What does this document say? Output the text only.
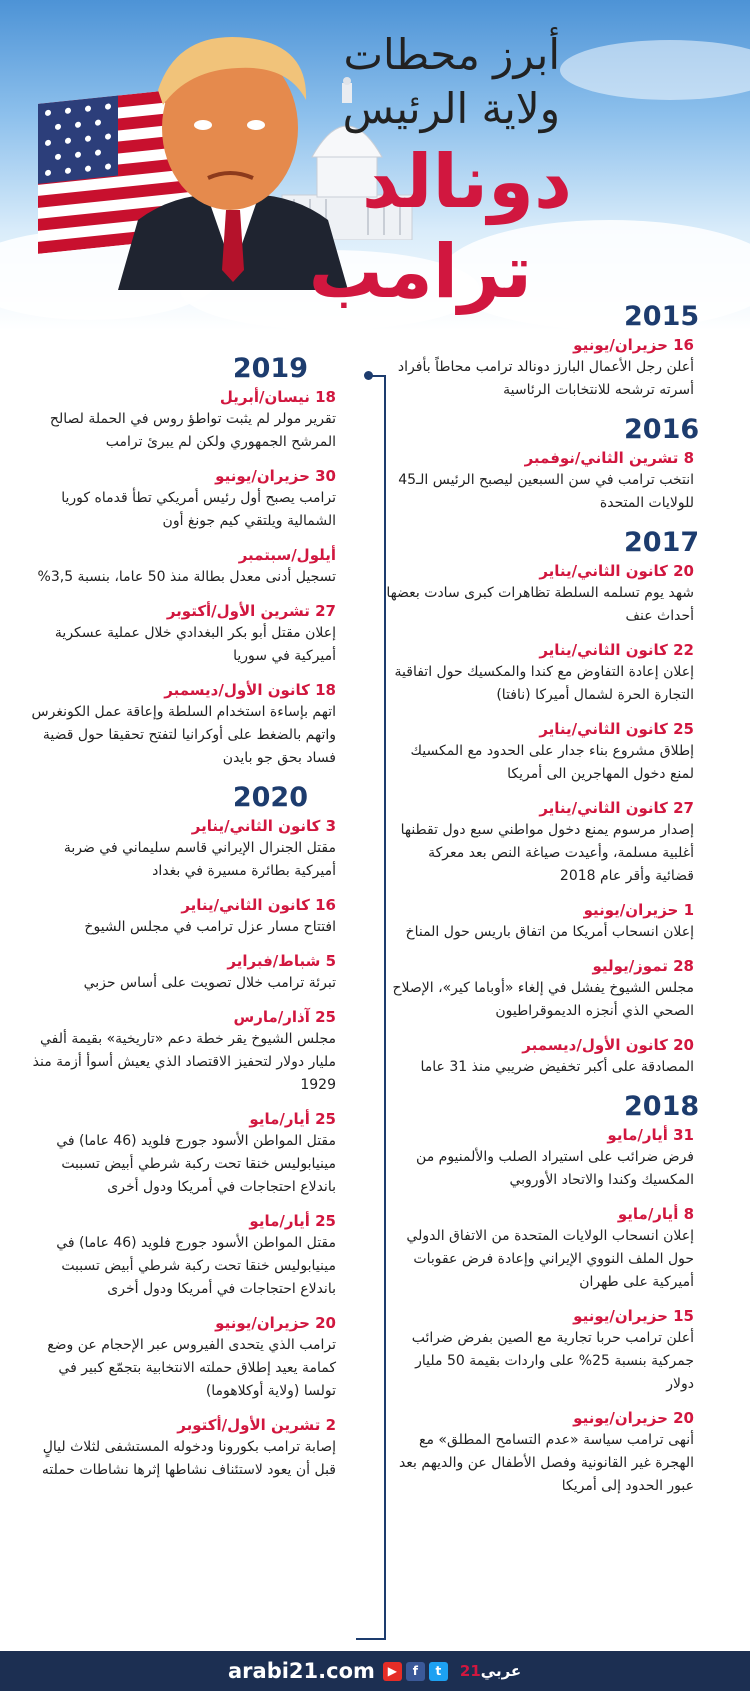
أبرز محطات
ولاية الرئيس
دونالد
ترامب
2015
16 حزيران/يونيو
أعلن رجل الأعمال البارز دونالد ترامب محاطاً بأفراد أسرته ترشحه للانتخابات الرئاسية
2016
8 تشرين الثاني/نوفمبر
انتخب ترامب في سن السبعين ليصبح الرئيس الـ45 للولايات المتحدة
2017
20 كانون الثاني/يناير
شهد يوم تسلمه السلطة تظاهرات كبرى سادت بعضها أحداث عنف
22 كانون الثاني/يناير
إعلان إعادة التفاوض مع كندا والمكسيك حول اتفاقية التجارة الحرة لشمال أميركا (نافتا)
25 كانون الثاني/يناير
إطلاق مشروع بناء جدار على الحدود مع المكسيك لمنع دخول المهاجرين الى أمريكا
27 كانون الثاني/يناير
إصدار مرسوم يمنع دخول مواطني سبع دول تقطنها أغلبية مسلمة، وأعيدت صياغة النص بعد معركة قضائية وأقر عام 2018
1 حزيران/يونيو
إعلان انسحاب أمريكا من اتفاق باريس حول المناخ
28 تموز/يوليو
مجلس الشيوخ يفشل في إلغاء «أوباما كير»، الإصلاح الصحي الذي أنجزه الديموقراطيون
20 كانون الأول/ديسمبر
المصادقة على أكبر تخفيض ضريبي منذ 31 عاما
2018
31 أيار/مايو
فرض ضرائب على استيراد الصلب والألمنيوم من المكسيك وكندا والاتحاد الأوروبي
8 أيار/مايو
إعلان انسحاب الولايات المتحدة من الاتفاق الدولي حول الملف النووي الإيراني وإعادة فرض عقوبات أميركية على طهران
15 حزيران/يونيو
أعلن ترامب حربا تجارية مع الصين بفرض ضرائب جمركية بنسبة 25% على واردات بقيمة 50 مليار دولار
20 حزيران/يونيو
أنهى ترامب سياسة «عدم التسامح المطلق» مع الهجرة غير القانونية وفصل الأطفال عن والديهم بعد عبور الحدود إلى أمريكا
2019
18 نيسان/أبريل
تقرير مولر لم يثبت تواطؤ روس في الحملة لصالح المرشح الجمهوري ولكن لم يبرئ ترامب
30 حزيران/يونيو
ترامب يصبح أول رئيس أمريكي تطأ قدماه كوريا الشمالية ويلتقي كيم جونغ أون
أيلول/سبتمبر
تسجيل أدنى معدل بطالة منذ 50 عاما، بنسبة 3,5%
27 تشرين الأول/أكتوبر
إعلان مقتل أبو بكر البغدادي خلال عملية عسكرية أميركية في سوريا
18 كانون الأول/ديسمبر
اتهم بإساءة استخدام السلطة وإعاقة عمل الكونغرس واتهم بالضغط على أوكرانيا لتفتح تحقيقا حول قضية فساد بحق جو بايدن
2020
3 كانون الثاني/يناير
مقتل الجنرال الإيراني قاسم سليماني في ضربة أميركية بطائرة مسيرة في بغداد
16 كانون الثاني/يناير
افتتاح مسار عزل ترامب في مجلس الشيوخ
5 شباط/فبراير
تبرئة ترامب خلال تصويت على أساس حزبي
25 آذار/مارس
مجلس الشيوخ يقر خطة دعم «تاريخية» بقيمة ألفي مليار دولار لتحفيز الاقتصاد الذي يعيش أسوأ أزمة منذ 1929
25 أيار/مايو
مقتل المواطن الأسود جورج فلويد (46 عاما) في مينيابوليس خنقا تحت ركبة شرطي أبيض تسببت باندلاع احتجاجات في أمريكا ودول أخرى
25 أيار/مايو
مقتل المواطن الأسود جورج فلويد (46 عاما) في مينيابوليس خنقا تحت ركبة شرطي أبيض تسببت باندلاع احتجاجات في أمريكا ودول أخرى
20 حزيران/يونيو
ترامب الذي يتحدى الفيروس عبر الإحجام عن وضع كمامة يعيد إطلاق حملته الانتخابية بتجمّع كبير في تولسا (ولاية أوكلاهوما)
2 تشرين الأول/أكتوبر
إصابة ترامب بكورونا ودخوله المستشفى لثلاث ليالٍ قبل أن يعود لاستئناف نشاطها إثرها نشاطات حملته
arabi21.com	▶	f	t	عربي21
